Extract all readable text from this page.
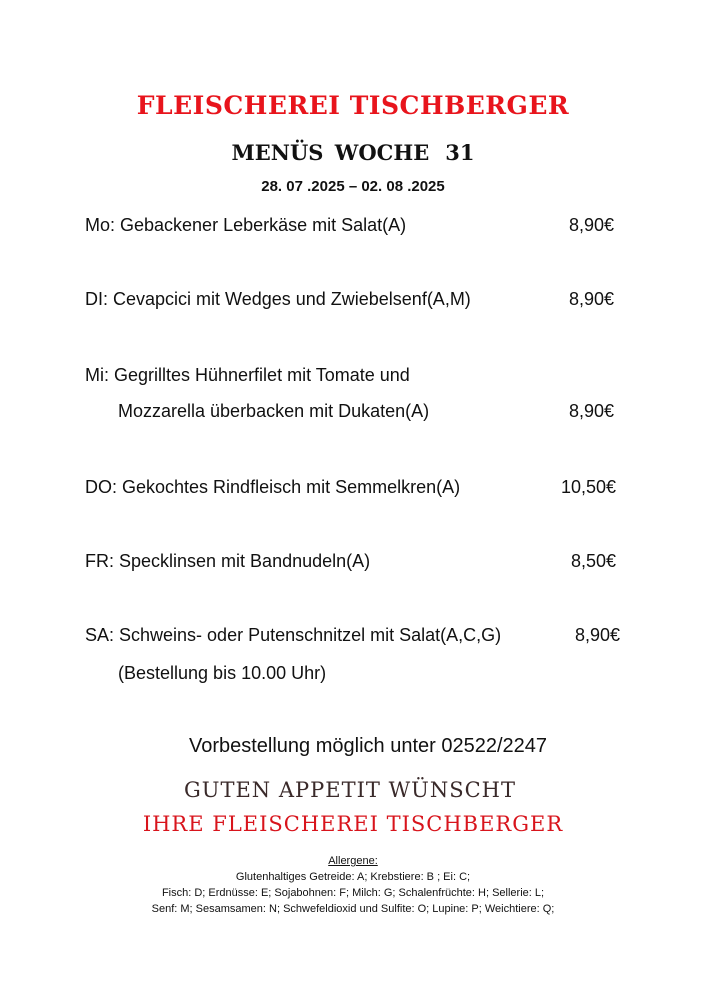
FLEISCHEREI TISCHBERGER
MENÜS WOCHE 31
28. 07 .2025 – 02. 08 .2025
Mo: Gebackener Leberkäse mit Salat(A)	8,90€
DI: Cevapcici mit Wedges und Zwiebelsenf(A,M)	8,90€
Mi: Gegrilltes Hühnerfilet mit Tomate und
Mozzarella überbacken mit Dukaten(A)	8,90€
DO: Gekochtes Rindfleisch mit Semmelkren(A)	10,50€
FR: Specklinsen mit Bandnudeln(A)	8,50€
SA: Schweins- oder Putenschnitzel mit Salat(A,C,G)	8,90€
(Bestellung bis 10.00 Uhr)
Vorbestellung möglich unter 02522/2247
GUTEN APPETIT WÜNSCHT
IHRE FLEISCHEREI TISCHBERGER
Allergene:
Glutenhaltiges Getreide: A; Krebstiere: B ; Ei: C;
Fisch: D; Erdnüsse: E; Sojabohnen: F; Milch: G; Schalenfrüchte: H; Sellerie: L;
Senf: M; Sesamsamen: N; Schwefeldioxid und Sulfite: O; Lupine: P; Weichtiere: Q;
